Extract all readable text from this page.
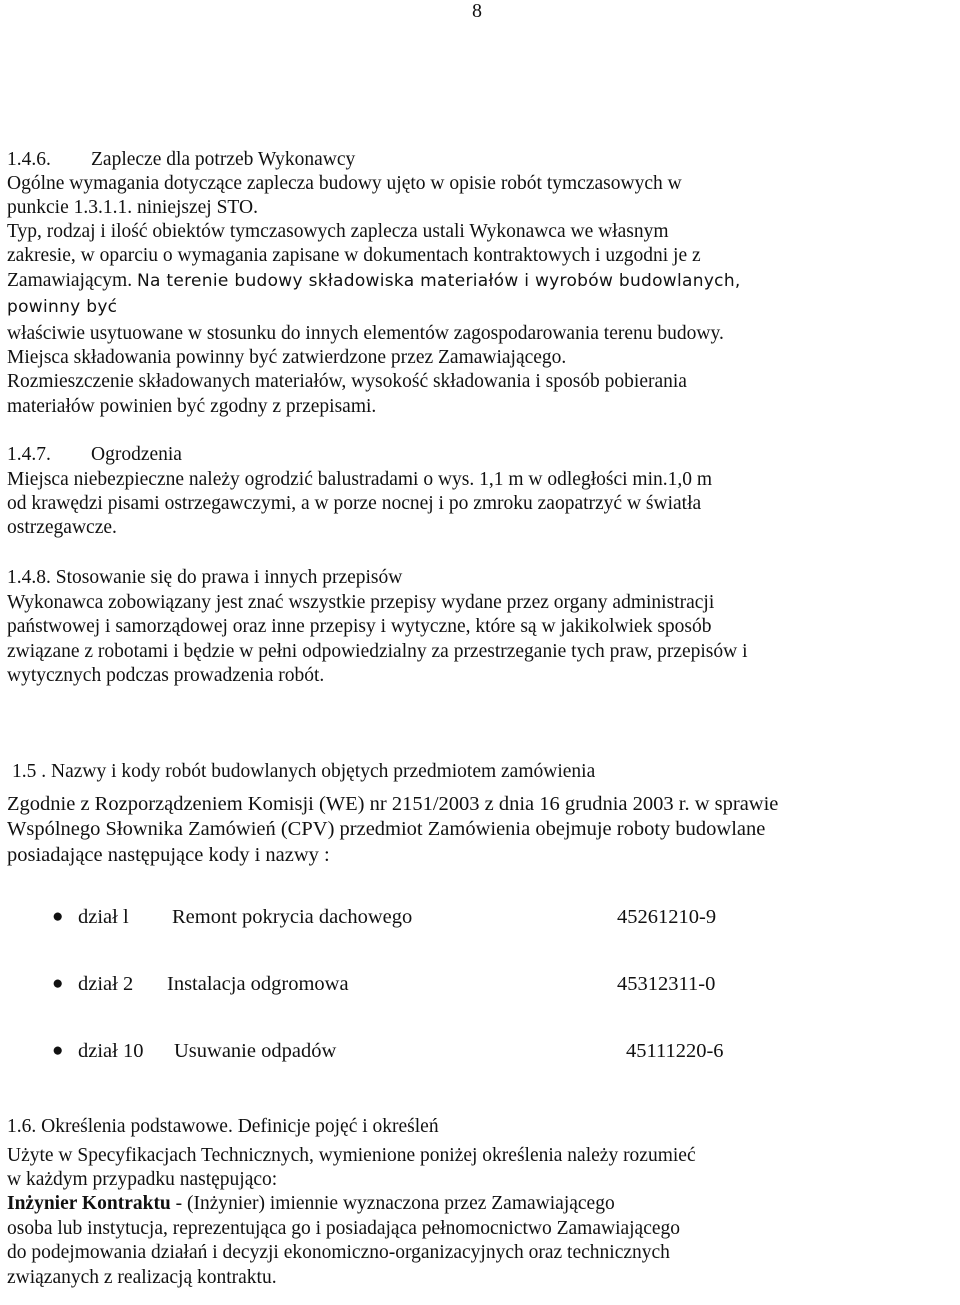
8
1.4.6. Zaplecze dla potrzeb Wykonawcy
Ogólne wymagania dotyczące zaplecza budowy ujęto w opisie robót tymczasowych w
punkcie 1.3.1.1. niniejszej STO.
Typ, rodzaj i ilość obiektów tymczasowych zaplecza ustali Wykonawca we własnym
zakresie, w oparciu o wymagania zapisane w dokumentach kontraktowych i uzgodni je z
Zamawiającym. Na terenie budowy składowiska materiałów i wyrobów budowlanych,
powinny być
właściwie usytuowane w stosunku do innych elementów zagospodarowania terenu budowy.
Miejsca składowania powinny być zatwierdzone przez Zamawiającego.
Rozmieszczenie składowanych materiałów, wysokość składowania i sposób pobierania
materiałów powinien być zgodny z przepisami.
1.4.7. Ogrodzenia
Miejsca niebezpieczne należy ogrodzić balustradami o wys. 1,1 m w odległości min.1,0 m
od krawędzi pisami ostrzegawczymi, a w porze nocnej i po zmroku zaopatrzyć w światła
ostrzegawcze.
1.4.8. Stosowanie się do prawa i innych przepisów
Wykonawca zobowiązany jest znać wszystkie przepisy wydane przez organy administracji
państwowej i samorządowej oraz inne przepisy i wytyczne, które są w jakikolwiek sposób
związane z robotami i będzie w pełni odpowiedzialny za przestrzeganie tych praw, przepisów i
wytycznych podczas prowadzenia robót.
1.5 . Nazwy i kody robót budowlanych objętych przedmiotem zamówienia
Zgodnie z Rozporządzeniem Komisji (WE) nr 2151/2003 z dnia 16 grudnia 2003 r. w sprawie
Wspólnego Słownika Zamówień (CPV) przedmiot Zamówienia obejmuje roboty budowlane
posiadające następujące kody i nazwy :
● dział l Remont pokrycia dachowego	45261210-9
● dział 2 Instalacja odgromowa	45312311-0
● dział 10 Usuwanie odpadów	45111220-6
1.6. Określenia podstawowe. Definicje pojęć i określeń
Użyte w Specyfikacjach Technicznych, wymienione poniżej określenia należy rozumieć
w każdym przypadku następująco:
Inżynier Kontraktu - (Inżynier) imiennie wyznaczona przez Zamawiającego
osoba lub instytucja, reprezentująca go i posiadająca pełnomocnictwo Zamawiającego
do podejmowania działań i decyzji ekonomiczno-organizacyjnych oraz technicznych
związanych z realizacją kontraktu.
